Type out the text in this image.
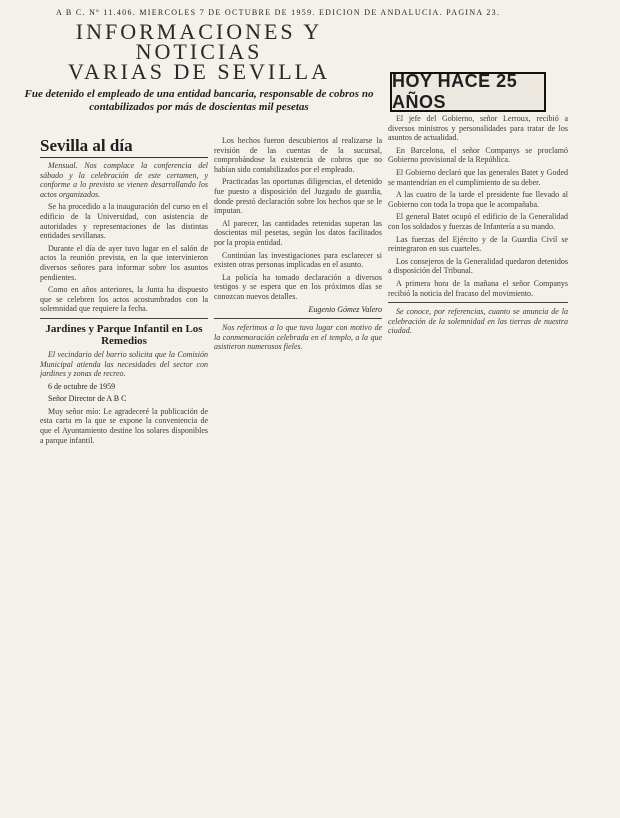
A B C. Nº 11.406. MIERCOLES 7 DE OCTUBRE DE 1959. EDICION DE ANDALUCIA. PAGINA 23.
INFORMACIONES Y NOTICIAS
VARIAS DE SEVILLA
Fue detenido el empleado de una entidad bancaria, responsable de cobros no contabilizados por más de doscientas mil pesetas
HOY HACE 25 AÑOS
Sevilla al día

Mensual. Nos complace la conferencia del sábado y la celebración de este certamen, y conforme a lo previsto se vienen desarrollando los actos organizados.

Se ha procedido a la inauguración del curso en el edificio de la Universidad, con asistencia de autoridades y representaciones de las distintas entidades sevillanas.

Durante el día de ayer tuvo lugar en el salón de actos la reunión prevista, en la que intervinieron diversos señores para informar sobre los asuntos pendientes.

Como en años anteriores, la Junta ha dispuesto que se celebren los actos acostumbrados con la solemnidad que requiere la fecha.

Jardines y Parque Infantil en Los Remedios

El vecindario del barrio solicita que la Comisión Municipal atienda las necesidades del sector con jardines y zonas de recreo.

6 de octubre de 1959

Señor Director de A B C

Muy señor mío: Le agradeceré la publicación de esta carta en la que se expone la conveniencia de que el Ayuntamiento destine los solares disponibles a parque infantil.

Los hechos fueron descubiertos al realizarse la revisión de las cuentas de la sucursal, comprobándose la existencia de cobros que no habían sido contabilizados por el empleado.

Practicadas las oportunas diligencias, el detenido fue puesto a disposición del Juzgado de guardia, donde prestó declaración sobre los hechos que se le imputan.

Al parecer, las cantidades retenidas superan las doscientas mil pesetas, según los datos facilitados por la propia entidad.

Continúan las investigaciones para esclarecer si existen otras personas implicadas en el asunto.

La policía ha tomado declaración a diversos testigos y se espera que en los próximos días se conozcan nuevos detalles.

Eugenio Gómez Valero

Nos referimos a lo que tuvo lugar con motivo de la conmemoración celebrada en el templo, a la que asistieron numerosos fieles.

El jefe del Gobierno, señor Lerroux, recibió a diversos ministros y personalidades para tratar de los asuntos de actualidad.

En Barcelona, el señor Companys se proclamó Gobierno provisional de la República.

El Gobierno declaró que las generales Batet y Goded se mantendrían en el cumplimiento de su deber.

A las cuatro de la tarde el presidente fue llevado al Gobierno con toda la tropa que le acompañaba.

El general Batet ocupó el edificio de la Generalidad con los soldados y fuerzas de Infantería a su mando.

Las fuerzas del Ejército y de la Guardia Civil se reintegraron en sus cuarteles.

Los consejeros de la Generalidad quedaron detenidos a disposición del Tribunal.

A primera hora de la mañana el señor Companys recibió la noticia del fracaso del movimiento.

Se conoce, por referencias, cuanto se anuncia de la celebración de la solemnidad en las tierras de nuestra ciudad.
